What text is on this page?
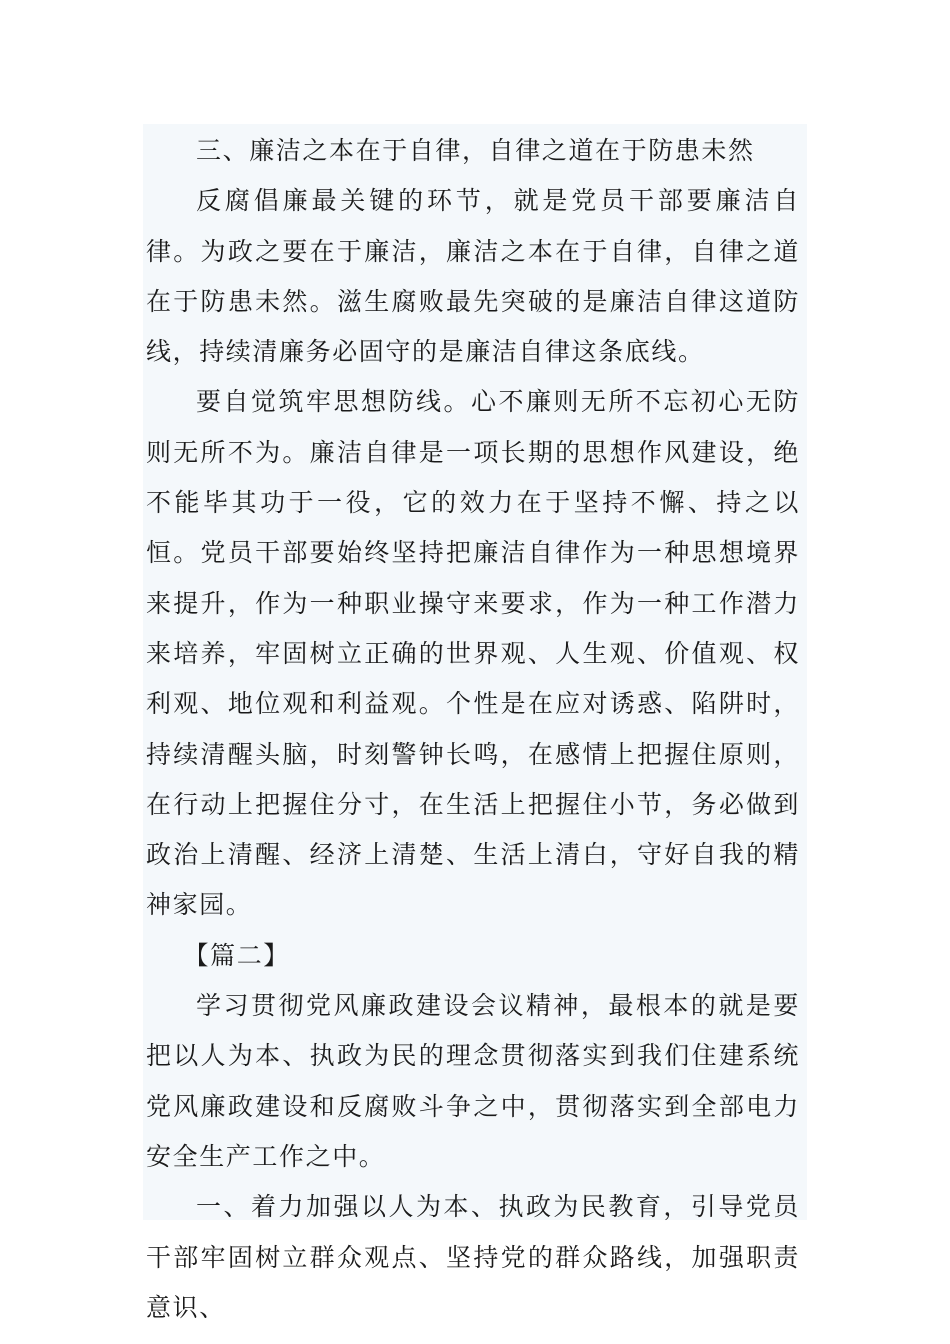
三、廉洁之本在于自律，自律之道在于防患未然

反腐倡廉最关键的环节，就是党员干部要廉洁自律。为政之要在于廉洁，廉洁之本在于自律，自律之道在于防患未然。滋生腐败最先突破的是廉洁自律这道防线，持续清廉务必固守的是廉洁自律这条底线。

要自觉筑牢思想防线。心不廉则无所不忘初心无防则无所不为。廉洁自律是一项长期的思想作风建设，绝不能毕其功于一役，它的效力在于坚持不懈、持之以恒。党员干部要始终坚持把廉洁自律作为一种思想境界来提升，作为一种职业操守来要求，作为一种工作潜力来培养，牢固树立正确的世界观、人生观、价值观、权利观、地位观和利益观。个性是在应对诱惑、陷阱时，持续清醒头脑，时刻警钟长鸣，在感情上把握住原则，在行动上把握住分寸，在生活上把握住小节，务必做到政治上清醒、经济上清楚、生活上清白，守好自我的精神家园。

【篇二】

学习贯彻党风廉政建设会议精神，最根本的就是要把以人为本、执政为民的理念贯彻落实到我们住建系统党风廉政建设和反腐败斗争之中，贯彻落实到全部电力安全生产工作之中。

一、着力加强以人为本、执政为民教育，引导党员干部牢固树立群众观点、坚持党的群众路线，加强职责意识、
